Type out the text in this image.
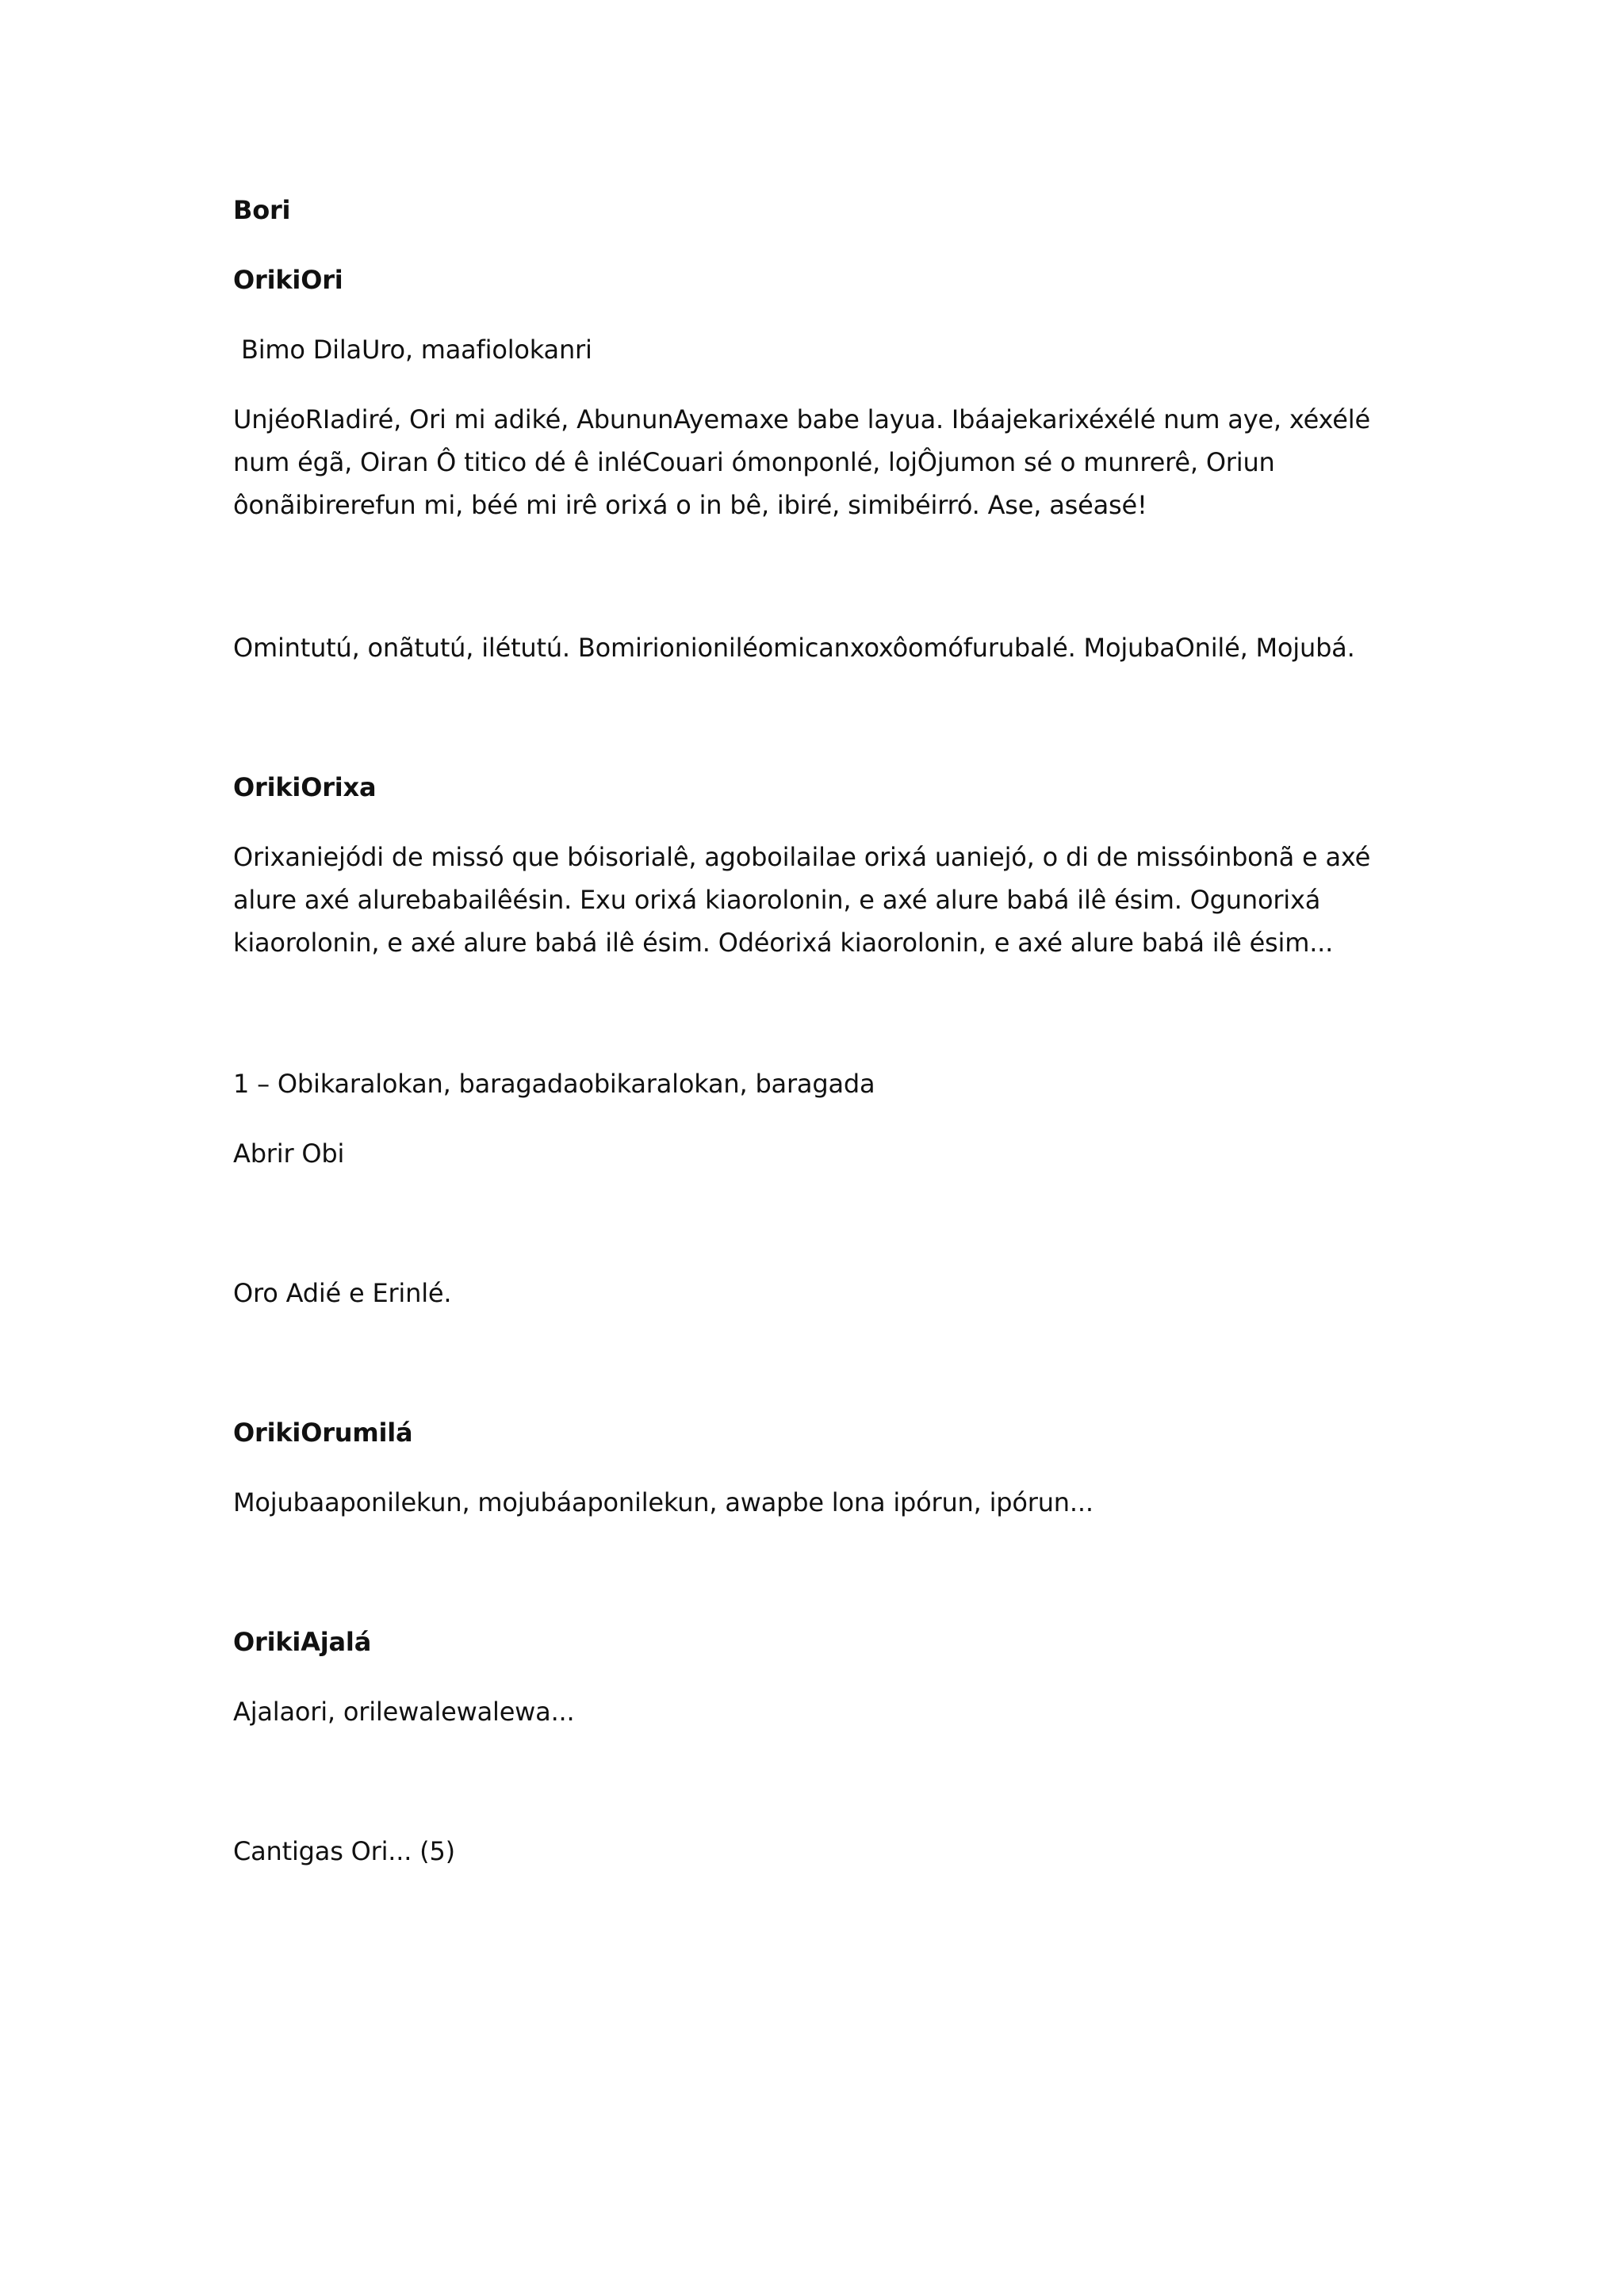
Bori
OrikiOri
Bimo DilaUro, maafiolokanri
UnjéoRIadiré, Ori mi adiké, AbununAyemaxe babe layua. Ibáajekarixéxélé num aye, xéxélé
num égã, Oiran Ô titico dé ê inléCouari ómonponlé, lojÔjumon sé o munrerê, Oriun
ôonãibirerefun mi, béé mi irê orixá o in bê, ibiré, simibéirró. Ase, aséasé!
Omintutú, onãtutú, ilétutú. Bomirionioniléomicanxoxôomófurubalé. MojubaOnilé, Mojubá.
OrikiOrixa
Orixaniejódi de missó que bóisorialê, agoboilailae orixá uaniejó, o di de missóinbonã e axé
alure axé alurebabailêésin. Exu orixá kiaorolonin, e axé alure babá ilê ésim. Ogunorixá
kiaorolonin, e axé alure babá ilê ésim. Odéorixá kiaorolonin, e axé alure babá ilê ésim...
1 – Obikaralokan, baragadaobikaralokan, baragada
Abrir Obi
Oro Adié e Erinlé.
OrikiOrumilá
Mojubaaponilekun, mojubáaponilekun, awapbe lona ipórun, ipórun...
OrikiAjalá
Ajalaori, orilewalewalewa...
Cantigas Ori... (5)
